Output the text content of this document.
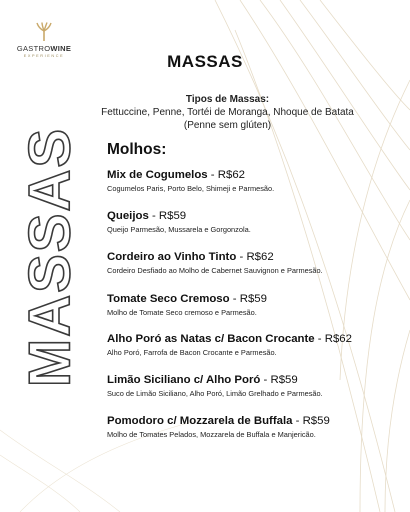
GASTROWINE
EXPERIENCE
MASSAS
MASSAS
Tipos de Massas:
Fettuccine, Penne, Tortéi de Moranga, Nhoque de Batata
(Penne sem glúten)
Molhos:
Mix de Cogumelos - R$62
Cogumelos Paris, Porto Belo, Shimeji e Parmesão.
Queijos - R$59
Queijo Parmesão, Mussarela e Gorgonzola.
Cordeiro ao Vinho Tinto - R$62
Cordeiro Desfiado ao Molho de Cabernet Sauvignon e Parmesão.
Tomate Seco Cremoso - R$59
Molho de Tomate Seco cremoso e Parmesão.
Alho Poró as Natas c/ Bacon Crocante - R$62
Alho Poró, Farrofa de Bacon Crocante e Parmesão.
Limão Siciliano c/ Alho Poró - R$59
Suco de Limão Siciliano, Alho Poró, Limão Grelhado e Parmesão.
Pomodoro c/ Mozzarela de Buffala - R$59
Molho de Tomates Pelados, Mozzarela de Buffala e Manjericão.
